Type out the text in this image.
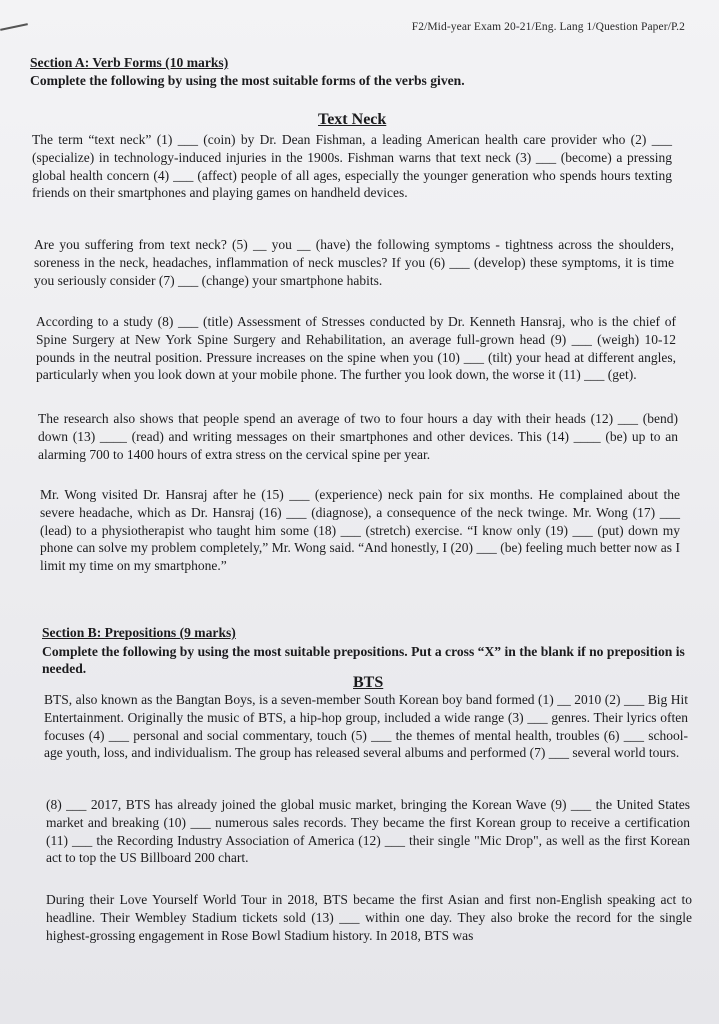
F2/Mid-year Exam 20-21/Eng. Lang 1/Question Paper/P.2
Section A: Verb Forms (10 marks)
Complete the following by using the most suitable forms of the verbs given.
Text Neck
The term “text neck” (1) ___ (coin) by Dr. Dean Fishman, a leading American health care provider who (2) ___ (specialize) in technology-induced injuries in the 1900s. Fishman warns that text neck (3) ___ (become) a pressing global health concern (4) ___ (affect) people of all ages, especially the younger generation who spends hours texting friends on their smartphones and playing games on handheld devices.
Are you suffering from text neck? (5) __ you __ (have) the following symptoms - tightness across the shoulders, soreness in the neck, headaches, inflammation of neck muscles? If you (6) ___ (develop) these symptoms, it is time you seriously consider (7) ___ (change) your smartphone habits.
According to a study (8) ___ (title) Assessment of Stresses conducted by Dr. Kenneth Hansraj, who is the chief of Spine Surgery at New York Spine Surgery and Rehabilitation, an average full-grown head (9) ___ (weigh) 10-12 pounds in the neutral position. Pressure increases on the spine when you (10) ___ (tilt) your head at different angles, particularly when you look down at your mobile phone. The further you look down, the worse it (11) ___ (get).
The research also shows that people spend an average of two to four hours a day with their heads (12) ___ (bend) down (13) ____ (read) and writing messages on their smartphones and other devices. This (14) ____ (be) up to an alarming 700 to 1400 hours of extra stress on the cervical spine per year.
Mr. Wong visited Dr. Hansraj after he (15) ___ (experience) neck pain for six months. He complained about the severe headache, which as Dr. Hansraj (16) ___ (diagnose), a consequence of the neck twinge. Mr. Wong (17) ___ (lead) to a physiotherapist who taught him some (18) ___ (stretch) exercise. “I know only (19) ___ (put) down my phone can solve my problem completely,” Mr. Wong said. “And honestly, I (20) ___ (be) feeling much better now as I limit my time on my smartphone.”
Section B: Prepositions (9 marks)
Complete the following by using the most suitable prepositions. Put a cross “X” in the blank if no preposition is needed.
BTS
BTS, also known as the Bangtan Boys, is a seven-member South Korean boy band formed (1) __ 2010 (2) ___ Big Hit Entertainment. Originally the music of BTS, a hip-hop group, included a wide range (3) ___ genres. Their lyrics often focuses (4) ___ personal and social commentary, touch (5) ___ the themes of mental health, troubles (6) ___ school-age youth, loss, and individualism. The group has released several albums and performed (7) ___ several world tours.
(8) ___ 2017, BTS has already joined the global music market, bringing the Korean Wave (9) ___ the United States market and breaking (10) ___ numerous sales records. They became the first Korean group to receive a certification (11) ___ the Recording Industry Association of America (12) ___ their single "Mic Drop", as well as the first Korean act to top the US Billboard 200 chart.
During their Love Yourself World Tour in 2018, BTS became the first Asian and first non-English speaking act to headline. Their Wembley Stadium tickets sold (13) ___ within one day. They also broke the record for the single highest-grossing engagement in Rose Bowl Stadium history. In 2018, BTS was
